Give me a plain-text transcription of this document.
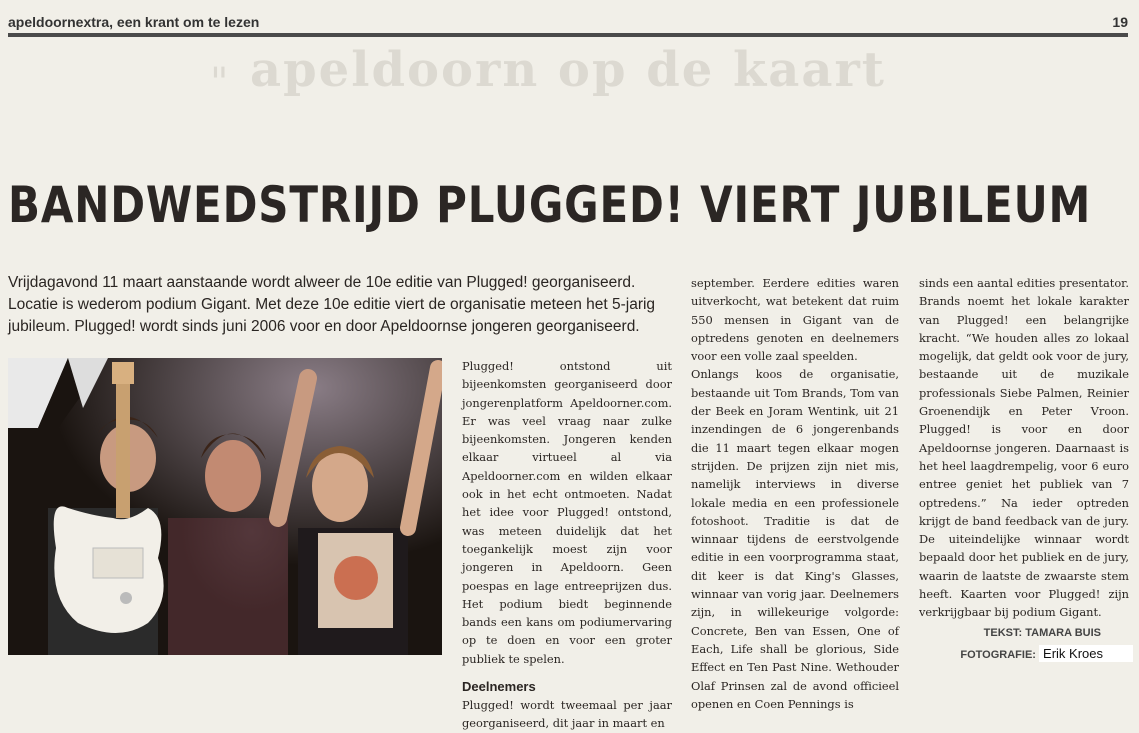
apeldoornextra, een krant om te lezen	19
" apeldoorn op de kaart
BANDWEDSTRIJD PLUGGED! VIERT JUBILEUM
Vrijdagavond 11 maart aanstaande wordt alweer de 10e editie van Plugged! georganiseerd. Locatie is wederom podium Gigant. Met deze 10e editie viert de organisatie meteen het 5-jarig jubileum. Plugged! wordt sinds juni 2006 voor en door Apeldoornse jongeren georganiseerd.

Plugged! ontstond uit bijeenkomsten georganiseerd door jongerenplatform Apeldoorner.com. Er was veel vraag naar zulke bijeenkomsten. Jongeren kenden elkaar virtueel al via Apeldoorner.com en wilden elkaar ook in het echt ontmoeten. Nadat het idee voor Plugged! ontstond, was meteen duidelijk dat het toegankelijk moest zijn voor jongeren in Apeldoorn. Geen poespas en lage entreeprijzen dus. Het podium biedt beginnende bands een kans om podiumervaring op te doen en voor een groter publiek te spelen.

Deelnemers

Plugged! wordt tweemaal per jaar georganiseerd, dit jaar in maart en

september. Eerdere edities waren uitverkocht, wat betekent dat ruim 550 mensen in Gigant van de optredens genoten en deelnemers voor een volle zaal speelden.

Onlangs koos de organisatie, bestaande uit Tom Brands, Tom van der Beek en Joram Wentink, uit 21 inzendingen de 6 jongerenbands die 11 maart tegen elkaar mogen strijden. De prijzen zijn niet mis, namelijk interviews in diverse lokale media en een professionele fotoshoot. Traditie is dat de winnaar tijdens de eerstvolgende editie in een voorprogramma staat, dit keer is dat King's Glasses, winnaar van vorig jaar. Deelnemers zijn, in willekeurige volgorde: Concrete, Ben van Essen, One of Each, Life shall be glorious, Side Effect en Ten Past Nine. Wethouder Olaf Prinsen zal de avond officieel openen en Coen Pennings is

sinds een aantal edities presentator. Brands noemt het lokale karakter van Plugged! een belangrijke kracht. “We houden alles zo lokaal mogelijk, dat geldt ook voor de jury, bestaande uit de muzikale professionals Siebe Palmen, Reinier Groenendijk en Peter Vroon. Plugged! is voor en door Apeldoornse jongeren. Daarnaast is het heel laagdrempelig, voor 6 euro entree geniet het publiek van 7 optredens.” Na ieder optreden krijgt de band feedback van de jury. De uiteindelijke winnaar wordt bepaald door het publiek en de jury, waarin de laatste de zwaarste stem heeft. Kaarten voor Plugged! zijn verkrijgbaar bij podium Gigant.

TEKST: TAMARA BUIS
FOTOGRAFIE: Erik Kroes
